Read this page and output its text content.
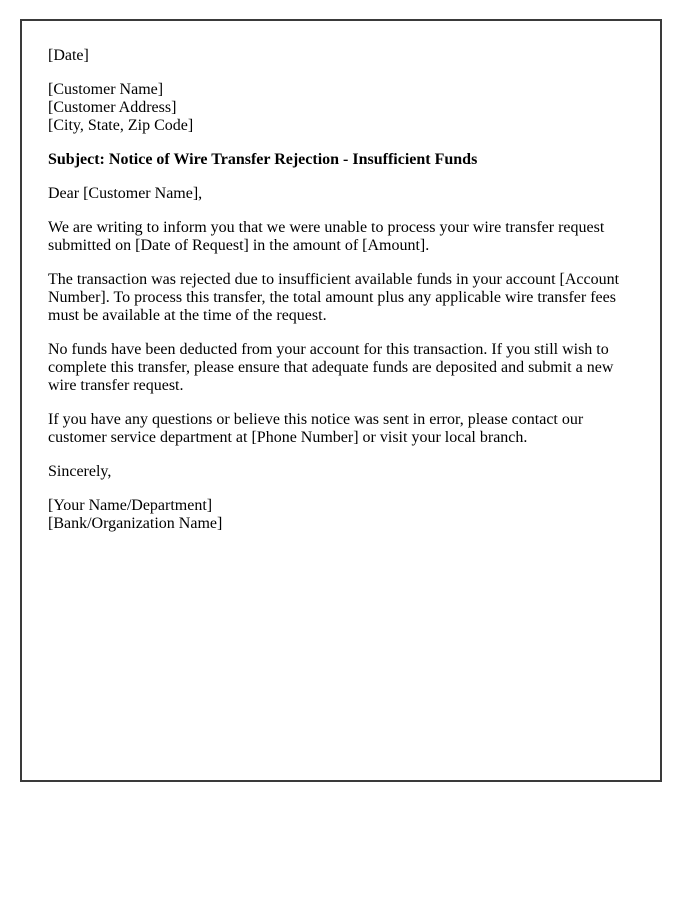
[Date]
[Customer Name]
[Customer Address]
[City, State, Zip Code]
Subject: Notice of Wire Transfer Rejection - Insufficient Funds
Dear [Customer Name],
We are writing to inform you that we were unable to process your wire transfer request submitted on [Date of Request] in the amount of [Amount].
The transaction was rejected due to insufficient available funds in your account [Account Number]. To process this transfer, the total amount plus any applicable wire transfer fees must be available at the time of the request.
No funds have been deducted from your account for this transaction. If you still wish to complete this transfer, please ensure that adequate funds are deposited and submit a new wire transfer request.
If you have any questions or believe this notice was sent in error, please contact our customer service department at [Phone Number] or visit your local branch.
Sincerely,
[Your Name/Department]
[Bank/Organization Name]
